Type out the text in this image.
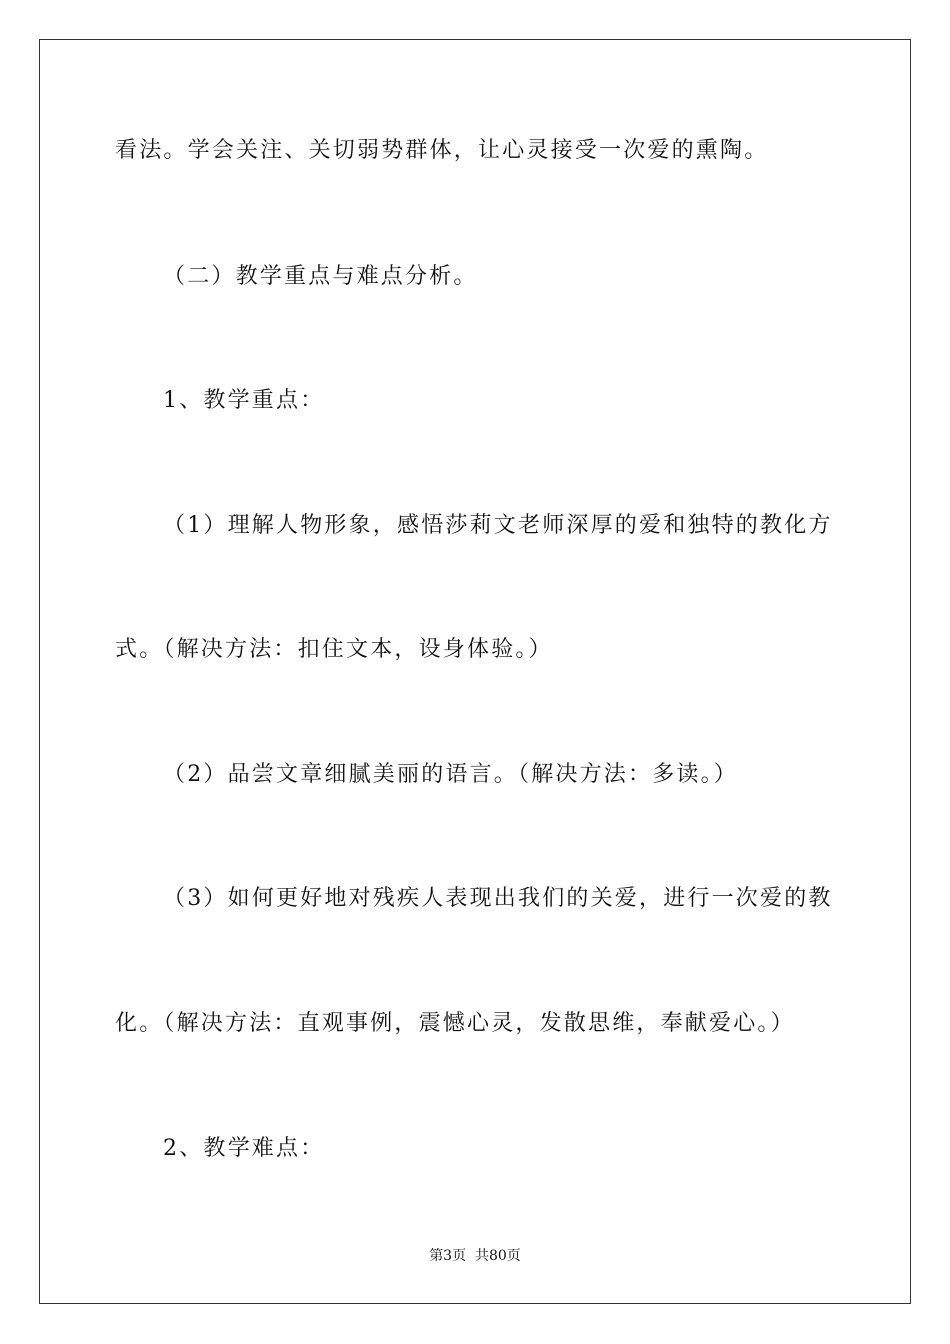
看法。学会关注、关切弱势群体，让心灵接受一次爱的熏陶。
（二）教学重点与难点分析。
1、教学重点：
（1）理解人物形象，感悟莎莉文老师深厚的爱和独特的教化方
式。（解决方法：扣住文本，设身体验。）
（2）品尝文章细腻美丽的语言。（解决方法：多读。）
（3）如何更好地对残疾人表现出我们的关爱，进行一次爱的教
化。（解决方法：直观事例，震憾心灵，发散思维，奉献爱心。）
2、教学难点：
第3页  共80页
